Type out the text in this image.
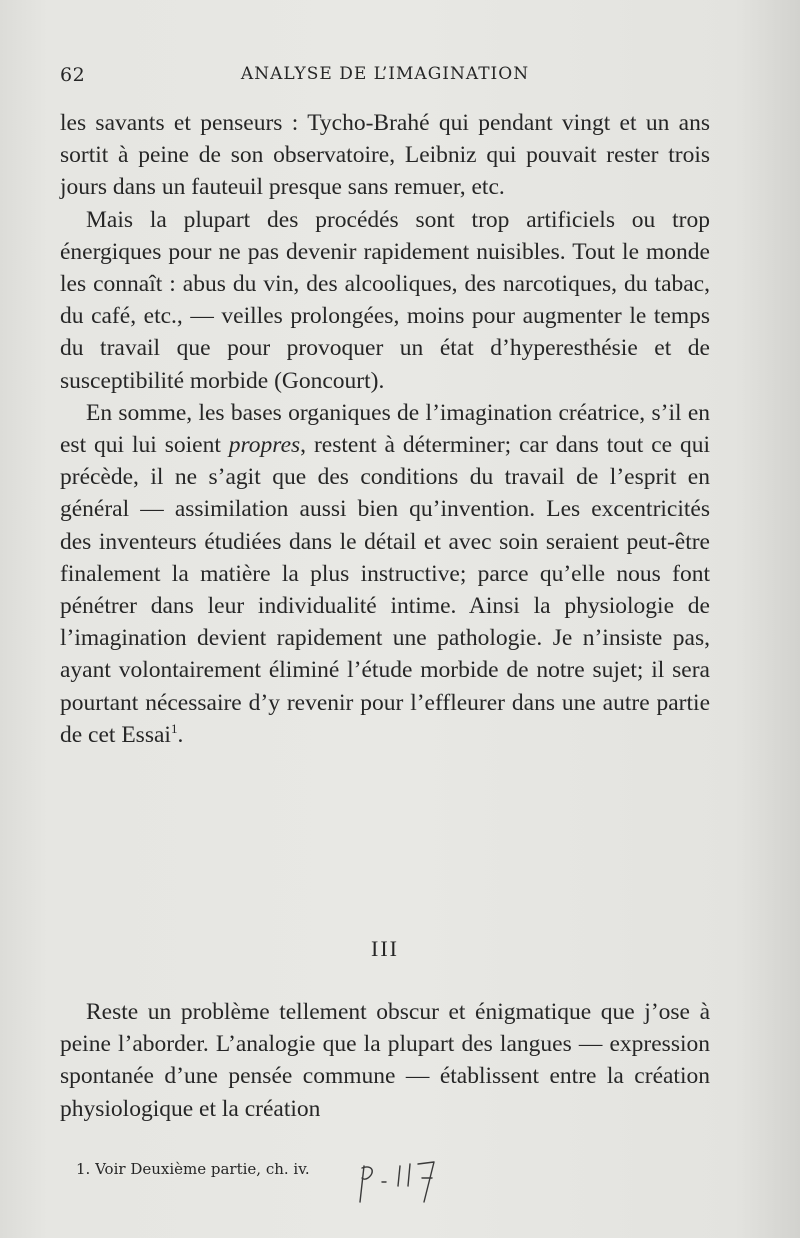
62	ANALYSE DE L’IMAGINATION

les savants et penseurs : Tycho-Brahé qui pendant vingt et un ans sortit à peine de son observatoire, Leibniz qui pouvait rester trois jours dans un fauteuil presque sans remuer, etc.

Mais la plupart des procédés sont trop artificiels ou trop énergiques pour ne pas devenir rapidement nuisibles. Tout le monde les connaît : abus du vin, des alcooliques, des narcotiques, du tabac, du café, etc., — veilles prolongées, moins pour augmenter le temps du travail que pour provoquer un état d’hyperesthésie et de susceptibilité morbide (Goncourt).

En somme, les bases organiques de l’imagination créatrice, s’il en est qui lui soient propres, restent à déterminer; car dans tout ce qui précède, il ne s’agit que des conditions du travail de l’esprit en général — assimilation aussi bien qu’invention. Les excentricités des inventeurs étudiées dans le détail et avec soin seraient peut-être finalement la matière la plus instructive; parce qu’elle nous font pénétrer dans leur individualité intime. Ainsi la physiologie de l’imagination devient rapidement une pathologie. Je n’insiste pas, ayant volontairement éliminé l’étude morbide de notre sujet; il sera pourtant nécessaire d’y revenir pour l’effleurer dans une autre partie de cet Essai$^1$.

III

Reste un problème tellement obscur et énigmatique que j’ose à peine l’aborder. L’analogie que la plupart des langues — expression spontanée d’une pensée commune — établissent entre la création physiologique et la création

1. Voir Deuxième partie, ch. iv.
